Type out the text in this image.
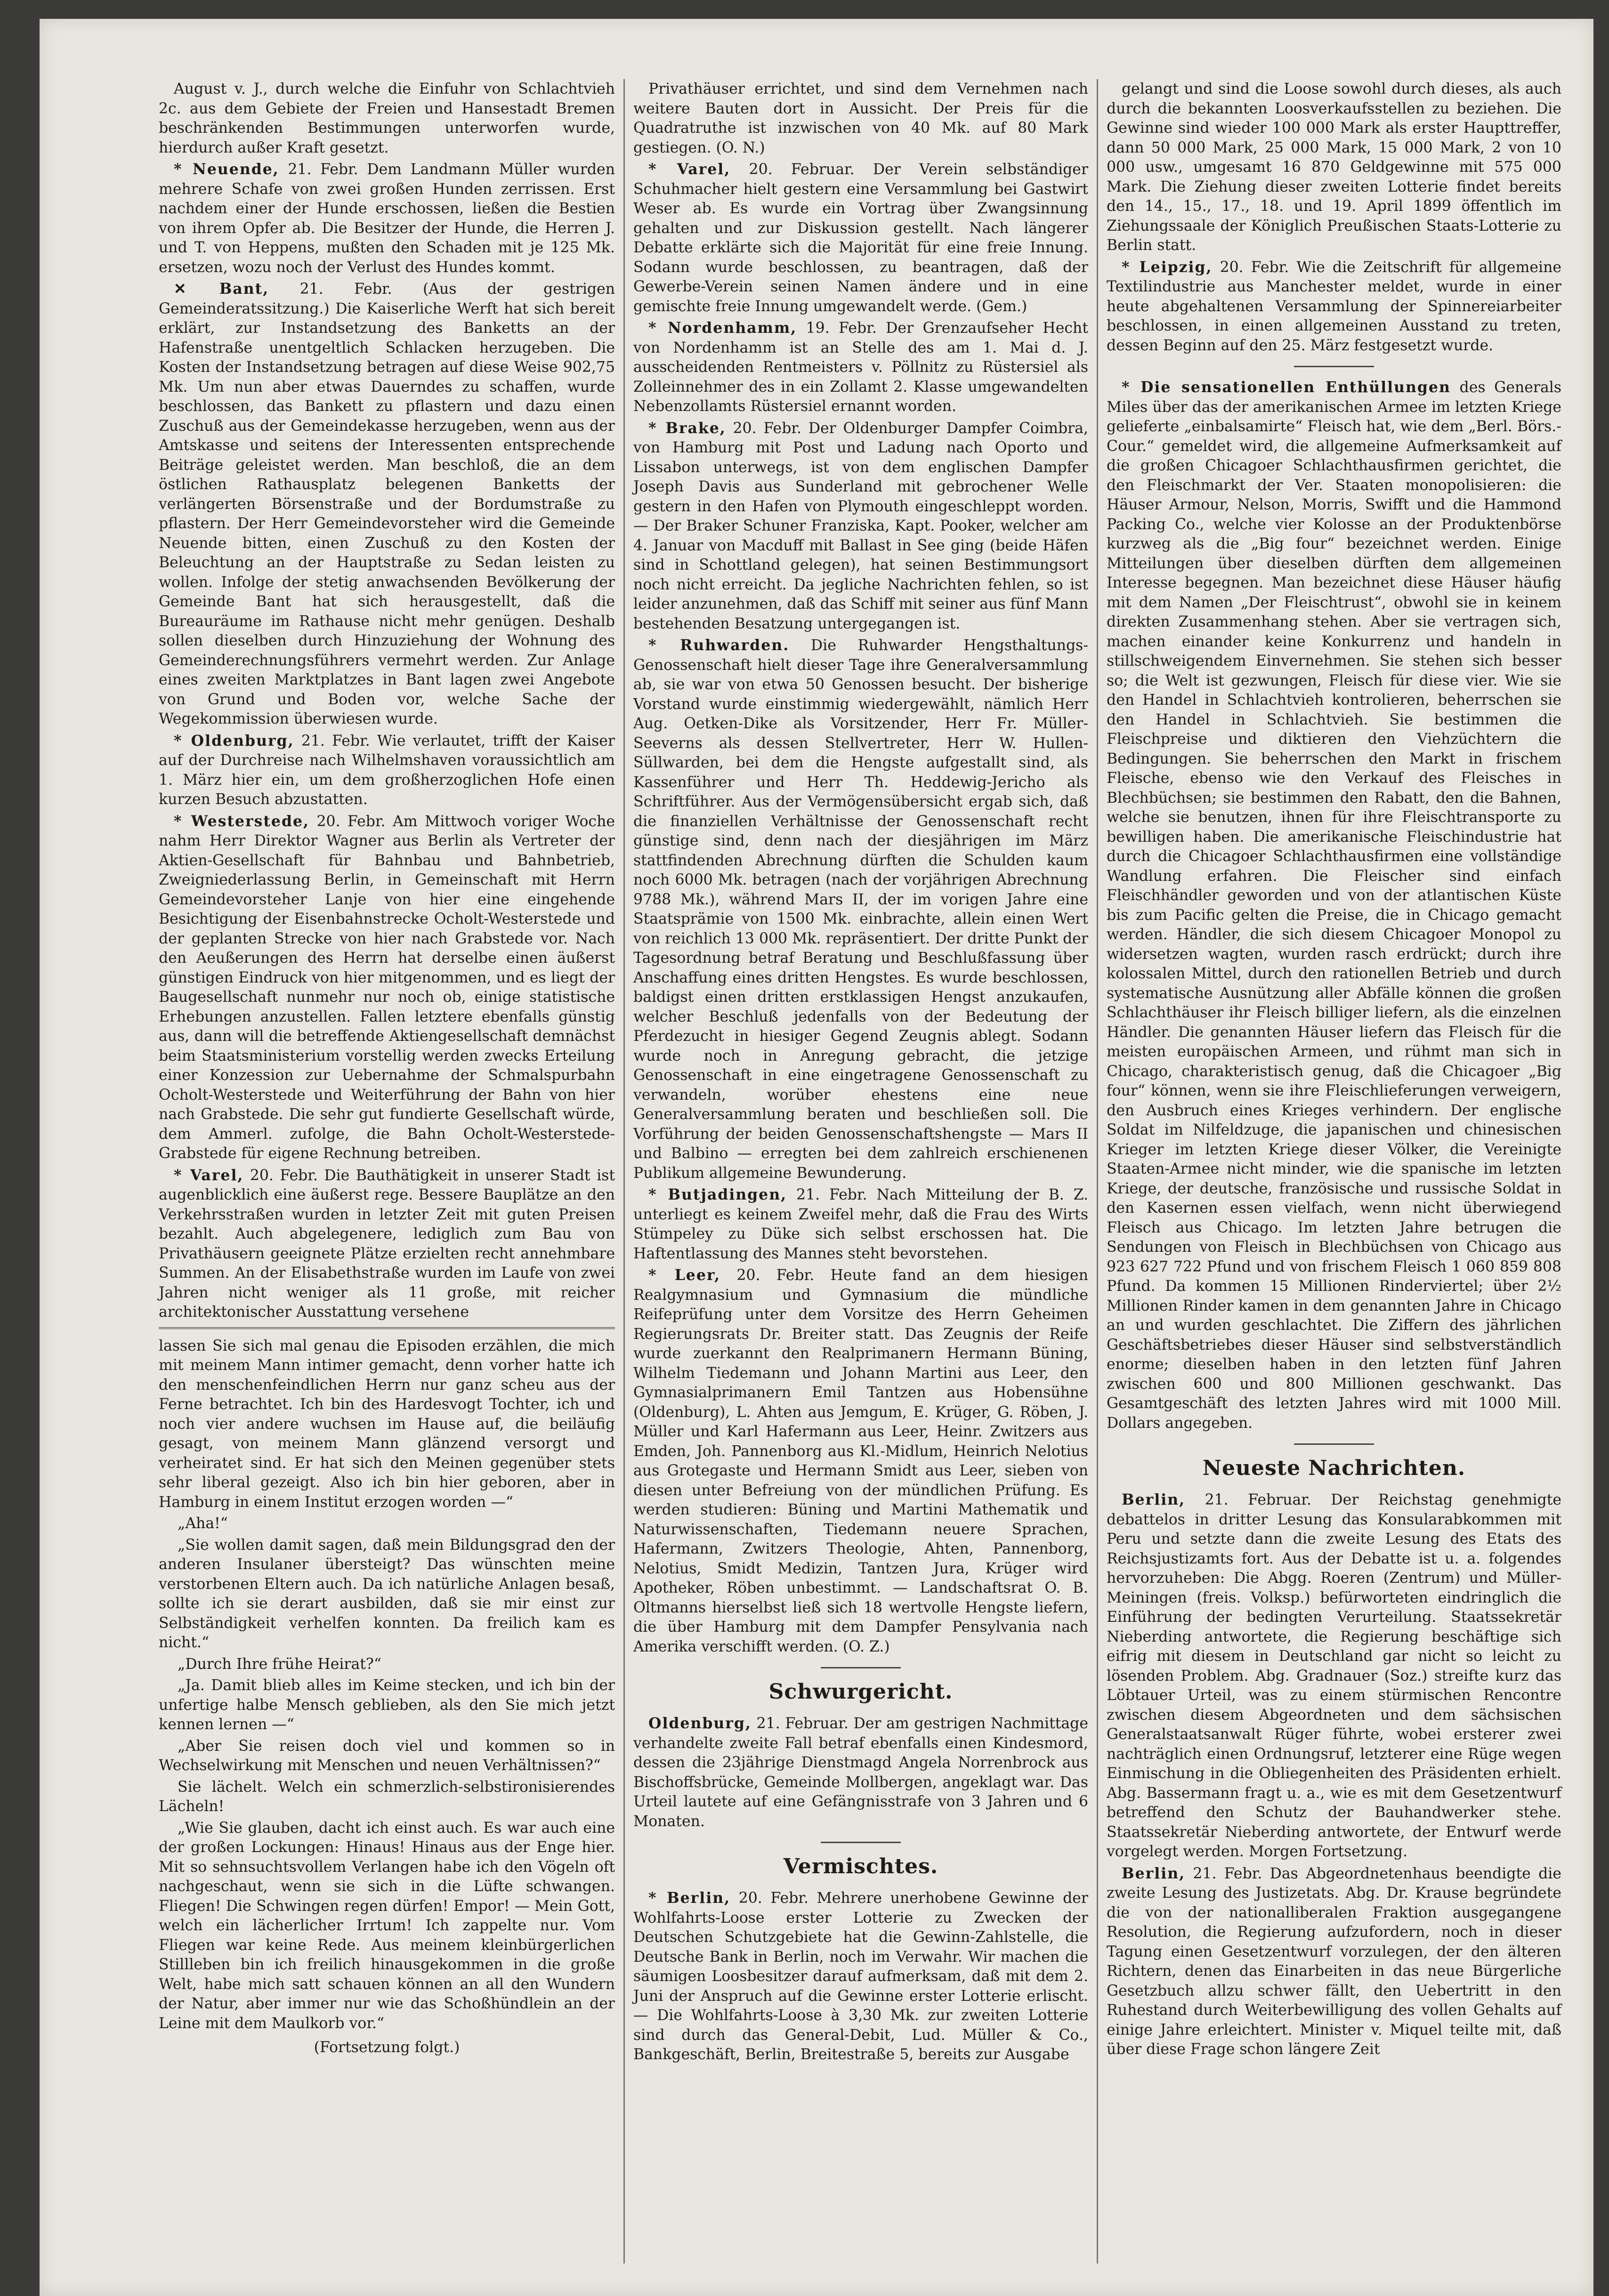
August v. J., durch welche die Einfuhr von Schlachtvieh 2c. aus dem Gebiete der Freien und Hansestadt Bremen beschränkenden Bestimmungen unterworfen wurde, hierdurch außer Kraft gesetzt.

* Neuende, 21. Febr. Dem Landmann Müller wurden mehrere Schafe von zwei großen Hunden zerrissen. Erst nachdem einer der Hunde erschossen, ließen die Bestien von ihrem Opfer ab. Die Besitzer der Hunde, die Herren J. und T. von Heppens, mußten den Schaden mit je 125 Mk. ersetzen, wozu noch der Verlust des Hundes kommt.

✕ Bant, 21. Febr. (Aus der gestrigen Gemeinderatssitzung.) Die Kaiserliche Werft hat sich bereit erklärt, zur Instandsetzung des Banketts an der Hafenstraße unentgeltlich Schlacken herzugeben. Die Kosten der Instandsetzung betragen auf diese Weise 902,75 Mk. Um nun aber etwas Dauerndes zu schaffen, wurde beschlossen, das Bankett zu pflastern und dazu einen Zuschuß aus der Gemeindekasse herzugeben, wenn aus der Amtskasse und seitens der Interessenten entsprechende Beiträge geleistet werden. Man beschloß, die an dem östlichen Rathausplatz belegenen Banketts der verlängerten Börsenstraße und der Bordumstraße zu pflastern. Der Herr Gemeindevorsteher wird die Gemeinde Neuende bitten, einen Zuschuß zu den Kosten der Beleuchtung an der Hauptstraße zu Sedan leisten zu wollen. Infolge der stetig anwachsenden Bevölkerung der Gemeinde Bant hat sich herausgestellt, daß die Bureauräume im Rathause nicht mehr genügen. Deshalb sollen dieselben durch Hinzuziehung der Wohnung des Gemeinderechnungsführers vermehrt werden. Zur Anlage eines zweiten Marktplatzes in Bant lagen zwei Angebote von Grund und Boden vor, welche Sache der Wegekommission überwiesen wurde.

* Oldenburg, 21. Febr. Wie verlautet, trifft der Kaiser auf der Durchreise nach Wilhelmshaven voraussichtlich am 1. März hier ein, um dem großherzoglichen Hofe einen kurzen Besuch abzustatten.

* Westerstede, 20. Febr. Am Mittwoch voriger Woche nahm Herr Direktor Wagner aus Berlin als Vertreter der Aktien-Gesellschaft für Bahnbau und Bahnbetrieb, Zweigniederlassung Berlin, in Gemeinschaft mit Herrn Gemeindevorsteher Lanje von hier eine eingehende Besichtigung der Eisenbahnstrecke Ocholt-Westerstede und der geplanten Strecke von hier nach Grabstede vor. Nach den Aeußerungen des Herrn hat derselbe einen äußerst günstigen Eindruck von hier mitgenommen, und es liegt der Baugesellschaft nunmehr nur noch ob, einige statistische Erhebungen anzustellen. Fallen letztere ebenfalls günstig aus, dann will die betreffende Aktiengesellschaft demnächst beim Staatsministerium vorstellig werden zwecks Erteilung einer Konzession zur Uebernahme der Schmalspurbahn Ocholt-Westerstede und Weiterführung der Bahn von hier nach Grabstede. Die sehr gut fundierte Gesellschaft würde, dem Ammerl. zufolge, die Bahn Ocholt-Westerstede-Grabstede für eigene Rechnung betreiben.

* Varel, 20. Febr. Die Bauthätigkeit in unserer Stadt ist augenblicklich eine äußerst rege. Bessere Bauplätze an den Verkehrsstraßen wurden in letzter Zeit mit guten Preisen bezahlt. Auch abgelegenere, lediglich zum Bau von Privathäusern geeignete Plätze erzielten recht annehmbare Summen. An der Elisabethstraße wurden im Laufe von zwei Jahren nicht weniger als 11 große, mit reicher architektonischer Ausstattung versehene

lassen Sie sich mal genau die Episoden erzählen, die mich mit meinem Mann intimer gemacht, denn vorher hatte ich den menschenfeindlichen Herrn nur ganz scheu aus der Ferne betrachtet. Ich bin des Hardesvogt Tochter, ich und noch vier andere wuchsen im Hause auf, die beiläufig gesagt, von meinem Mann glänzend versorgt und verheiratet sind. Er hat sich den Meinen gegenüber stets sehr liberal gezeigt. Also ich bin hier geboren, aber in Hamburg in einem Institut erzogen worden —“

„Aha!“

„Sie wollen damit sagen, daß mein Bildungsgrad den der anderen Insulaner übersteigt? Das wünschten meine verstorbenen Eltern auch. Da ich natürliche Anlagen besaß, sollte ich sie derart ausbilden, daß sie mir einst zur Selbständigkeit verhelfen konnten. Da freilich kam es nicht.“

„Durch Ihre frühe Heirat?“

„Ja. Damit blieb alles im Keime stecken, und ich bin der unfertige halbe Mensch geblieben, als den Sie mich jetzt kennen lernen —“

„Aber Sie reisen doch viel und kommen so in Wechselwirkung mit Menschen und neuen Verhältnissen?“

Sie lächelt. Welch ein schmerzlich-selbstironisierendes Lächeln!

„Wie Sie glauben, dacht ich einst auch. Es war auch eine der großen Lockungen: Hinaus! Hinaus aus der Enge hier. Mit so sehnsuchtsvollem Verlangen habe ich den Vögeln oft nachgeschaut, wenn sie sich in die Lüfte schwangen. Fliegen! Die Schwingen regen dürfen! Empor! — Mein Gott, welch ein lächerlicher Irrtum! Ich zappelte nur. Vom Fliegen war keine Rede. Aus meinem kleinbürgerlichen Stillleben bin ich freilich hinausgekommen in die große Welt, habe mich satt schauen können an all den Wundern der Natur, aber immer nur wie das Schoßhündlein an der Leine mit dem Maulkorb vor.“

(Fortsetzung folgt.)

Privathäuser errichtet, und sind dem Vernehmen nach weitere Bauten dort in Aussicht. Der Preis für die Quadratruthe ist inzwischen von 40 Mk. auf 80 Mark gestiegen. (O. N.)

* Varel, 20. Februar. Der Verein selbständiger Schuhmacher hielt gestern eine Versammlung bei Gastwirt Weser ab. Es wurde ein Vortrag über Zwangsinnung gehalten und zur Diskussion gestellt. Nach längerer Debatte erklärte sich die Majorität für eine freie Innung. Sodann wurde beschlossen, zu beantragen, daß der Gewerbe-Verein seinen Namen ändere und in eine gemischte freie Innung umgewandelt werde. (Gem.)

* Nordenhamm, 19. Febr. Der Grenzaufseher Hecht von Nordenhamm ist an Stelle des am 1. Mai d. J. ausscheidenden Rentmeisters v. Pöllnitz zu Rüstersiel als Zolleinnehmer des in ein Zollamt 2. Klasse umgewandelten Nebenzollamts Rüstersiel ernannt worden.

* Brake, 20. Febr. Der Oldenburger Dampfer Coimbra, von Hamburg mit Post und Ladung nach Oporto und Lissabon unterwegs, ist von dem englischen Dampfer Joseph Davis aus Sunderland mit gebrochener Welle gestern in den Hafen von Plymouth eingeschleppt worden. — Der Braker Schuner Franziska, Kapt. Pooker, welcher am 4. Januar von Macduff mit Ballast in See ging (beide Häfen sind in Schottland gelegen), hat seinen Bestimmungsort noch nicht erreicht. Da jegliche Nachrichten fehlen, so ist leider anzunehmen, daß das Schiff mit seiner aus fünf Mann bestehenden Besatzung untergegangen ist.

* Ruhwarden. Die Ruhwarder Hengsthaltungs-Genossenschaft hielt dieser Tage ihre Generalversammlung ab, sie war von etwa 50 Genossen besucht. Der bisherige Vorstand wurde einstimmig wiedergewählt, nämlich Herr Aug. Oetken-Dike als Vorsitzender, Herr Fr. Müller-Seeverns als dessen Stellvertreter, Herr W. Hullen-Süllwarden, bei dem die Hengste aufgestallt sind, als Kassenführer und Herr Th. Heddewig-Jericho als Schriftführer. Aus der Vermögensübersicht ergab sich, daß die finanziellen Verhältnisse der Genossenschaft recht günstige sind, denn nach der diesjährigen im März stattfindenden Abrechnung dürften die Schulden kaum noch 6000 Mk. betragen (nach der vorjährigen Abrechnung 9788 Mk.), während Mars II, der im vorigen Jahre eine Staatsprämie von 1500 Mk. einbrachte, allein einen Wert von reichlich 13 000 Mk. repräsentiert. Der dritte Punkt der Tagesordnung betraf Beratung und Beschlußfassung über Anschaffung eines dritten Hengstes. Es wurde beschlossen, baldigst einen dritten erstklassigen Hengst anzukaufen, welcher Beschluß jedenfalls von der Bedeutung der Pferdezucht in hiesiger Gegend Zeugnis ablegt. Sodann wurde noch in Anregung gebracht, die jetzige Genossenschaft in eine eingetragene Genossenschaft zu verwandeln, worüber ehestens eine neue Generalversammlung beraten und beschließen soll. Die Vorführung der beiden Genossenschaftshengste — Mars II und Balbino — erregten bei dem zahlreich erschienenen Publikum allgemeine Bewunderung.

* Butjadingen, 21. Febr. Nach Mitteilung der B. Z. unterliegt es keinem Zweifel mehr, daß die Frau des Wirts Stümpeley zu Düke sich selbst erschossen hat. Die Haftentlassung des Mannes steht bevorstehen.

* Leer, 20. Febr. Heute fand an dem hiesigen Realgymnasium und Gymnasium die mündliche Reifeprüfung unter dem Vorsitze des Herrn Geheimen Regierungsrats Dr. Breiter statt. Das Zeugnis der Reife wurde zuerkannt den Realprimanern Hermann Büning, Wilhelm Tiedemann und Johann Martini aus Leer, den Gymnasialprimanern Emil Tantzen aus Hobensühne (Oldenburg), L. Ahten aus Jemgum, E. Krüger, G. Röben, J. Müller und Karl Hafermann aus Leer, Heinr. Zwitzers aus Emden, Joh. Pannenborg aus Kl.-Midlum, Heinrich Nelotius aus Grotegaste und Hermann Smidt aus Leer, sieben von diesen unter Befreiung von der mündlichen Prüfung. Es werden studieren: Büning und Martini Mathematik und Naturwissenschaften, Tiedemann neuere Sprachen, Hafermann, Zwitzers Theologie, Ahten, Pannenborg, Nelotius, Smidt Medizin, Tantzen Jura, Krüger wird Apotheker, Röben unbestimmt. — Landschaftsrat O. B. Oltmanns hierselbst ließ sich 18 wertvolle Hengste liefern, die über Hamburg mit dem Dampfer Pensylvania nach Amerika verschifft werden. (O. Z.)

Schwurgericht.

Oldenburg, 21. Februar. Der am gestrigen Nachmittage verhandelte zweite Fall betraf ebenfalls einen Kindesmord, dessen die 23jährige Dienstmagd Angela Norrenbrock aus Bischoffsbrücke, Gemeinde Mollbergen, angeklagt war. Das Urteil lautete auf eine Gefängnisstrafe von 3 Jahren und 6 Monaten.

Vermischtes.

* Berlin, 20. Febr. Mehrere unerhobene Gewinne der Wohlfahrts-Loose erster Lotterie zu Zwecken der Deutschen Schutzgebiete hat die Gewinn-Zahlstelle, die Deutsche Bank in Berlin, noch im Verwahr. Wir machen die säumigen Loosbesitzer darauf aufmerksam, daß mit dem 2. Juni der Anspruch auf die Gewinne erster Lotterie erlischt. — Die Wohlfahrts-Loose à 3,30 Mk. zur zweiten Lotterie sind durch das General-Debit, Lud. Müller & Co., Bankgeschäft, Berlin, Breitestraße 5, bereits zur Ausgabe

gelangt und sind die Loose sowohl durch dieses, als auch durch die bekannten Loosverkaufsstellen zu beziehen. Die Gewinne sind wieder 100 000 Mark als erster Haupttreffer, dann 50 000 Mark, 25 000 Mark, 15 000 Mark, 2 von 10 000 usw., umgesamt 16 870 Geldgewinne mit 575 000 Mark. Die Ziehung dieser zweiten Lotterie findet bereits den 14., 15., 17., 18. und 19. April 1899 öffentlich im Ziehungssaale der Königlich Preußischen Staats-Lotterie zu Berlin statt.

* Leipzig, 20. Febr. Wie die Zeitschrift für allgemeine Textilindustrie aus Manchester meldet, wurde in einer heute abgehaltenen Versammlung der Spinnereiarbeiter beschlossen, in einen allgemeinen Ausstand zu treten, dessen Beginn auf den 25. März festgesetzt wurde.

* Die sensationellen Enthüllungen des Generals Miles über das der amerikanischen Armee im letzten Kriege gelieferte „einbalsamirte“ Fleisch hat, wie dem „Berl. Börs.-Cour.“ gemeldet wird, die allgemeine Aufmerksamkeit auf die großen Chicagoer Schlachthausfirmen gerichtet, die den Fleischmarkt der Ver. Staaten monopolisieren: die Häuser Armour, Nelson, Morris, Swifft und die Hammond Packing Co., welche vier Kolosse an der Produktenbörse kurzweg als die „Big four“ bezeichnet werden. Einige Mitteilungen über dieselben dürften dem allgemeinen Interesse begegnen. Man bezeichnet diese Häuser häufig mit dem Namen „Der Fleischtrust“, obwohl sie in keinem direkten Zusammenhang stehen. Aber sie vertragen sich, machen einander keine Konkurrenz und handeln in stillschweigendem Einvernehmen. Sie stehen sich besser so; die Welt ist gezwungen, Fleisch für diese vier. Wie sie den Handel in Schlachtvieh kontrolieren, beherrschen sie den Handel in Schlachtvieh. Sie bestimmen die Fleischpreise und diktieren den Viehzüchtern die Bedingungen. Sie beherrschen den Markt in frischem Fleische, ebenso wie den Verkauf des Fleisches in Blechbüchsen; sie bestimmen den Rabatt, den die Bahnen, welche sie benutzen, ihnen für ihre Fleischtransporte zu bewilligen haben. Die amerikanische Fleischindustrie hat durch die Chicagoer Schlachthausfirmen eine vollständige Wandlung erfahren. Die Fleischer sind einfach Fleischhändler geworden und von der atlantischen Küste bis zum Pacific gelten die Preise, die in Chicago gemacht werden. Händler, die sich diesem Chicagoer Monopol zu widersetzen wagten, wurden rasch erdrückt; durch ihre kolossalen Mittel, durch den rationellen Betrieb und durch systematische Ausnützung aller Abfälle können die großen Schlachthäuser ihr Fleisch billiger liefern, als die einzelnen Händler. Die genannten Häuser liefern das Fleisch für die meisten europäischen Armeen, und rühmt man sich in Chicago, charakteristisch genug, daß die Chicagoer „Big four“ können, wenn sie ihre Fleischlieferungen verweigern, den Ausbruch eines Krieges verhindern. Der englische Soldat im Nilfeldzuge, die japanischen und chinesischen Krieger im letzten Kriege dieser Völker, die Vereinigte Staaten-Armee nicht minder, wie die spanische im letzten Kriege, der deutsche, französische und russische Soldat in den Kasernen essen vielfach, wenn nicht überwiegend Fleisch aus Chicago. Im letzten Jahre betrugen die Sendungen von Fleisch in Blechbüchsen von Chicago aus 923 627 722 Pfund und von frischem Fleisch 1 060 859 808 Pfund. Da kommen 15 Millionen Rinderviertel; über 2½ Millionen Rinder kamen in dem genannten Jahre in Chicago an und wurden geschlachtet. Die Ziffern des jährlichen Geschäftsbetriebes dieser Häuser sind selbstverständlich enorme; dieselben haben in den letzten fünf Jahren zwischen 600 und 800 Millionen geschwankt. Das Gesamtgeschäft des letzten Jahres wird mit 1000 Mill. Dollars angegeben.

Neueste Nachrichten.

Berlin, 21. Februar. Der Reichstag genehmigte debattelos in dritter Lesung das Konsularabkommen mit Peru und setzte dann die zweite Lesung des Etats des Reichsjustizamts fort. Aus der Debatte ist u. a. folgendes hervorzuheben: Die Abgg. Roeren (Zentrum) und Müller-Meiningen (freis. Volksp.) befürworteten eindringlich die Einführung der bedingten Verurteilung. Staatssekretär Nieberding antwortete, die Regierung beschäftige sich eifrig mit diesem in Deutschland gar nicht so leicht zu lösenden Problem. Abg. Gradnauer (Soz.) streifte kurz das Löbtauer Urteil, was zu einem stürmischen Rencontre zwischen diesem Abgeordneten und dem sächsischen Generalstaatsanwalt Rüger führte, wobei ersterer zwei nachträglich einen Ordnungsruf, letzterer eine Rüge wegen Einmischung in die Obliegenheiten des Präsidenten erhielt. Abg. Bassermann fragt u. a., wie es mit dem Gesetzentwurf betreffend den Schutz der Bauhandwerker stehe. Staatssekretär Nieberding antwortete, der Entwurf werde vorgelegt werden. Morgen Fortsetzung.

Berlin, 21. Febr. Das Abgeordnetenhaus beendigte die zweite Lesung des Justizetats. Abg. Dr. Krause begründete die von der nationalliberalen Fraktion ausgegangene Resolution, die Regierung aufzufordern, noch in dieser Tagung einen Gesetzentwurf vorzulegen, der den älteren Richtern, denen das Einarbeiten in das neue Bürgerliche Gesetzbuch allzu schwer fällt, den Uebertritt in den Ruhestand durch Weiterbewilligung des vollen Gehalts auf einige Jahre erleichtert. Minister v. Miquel teilte mit, daß über diese Frage schon längere Zeit
